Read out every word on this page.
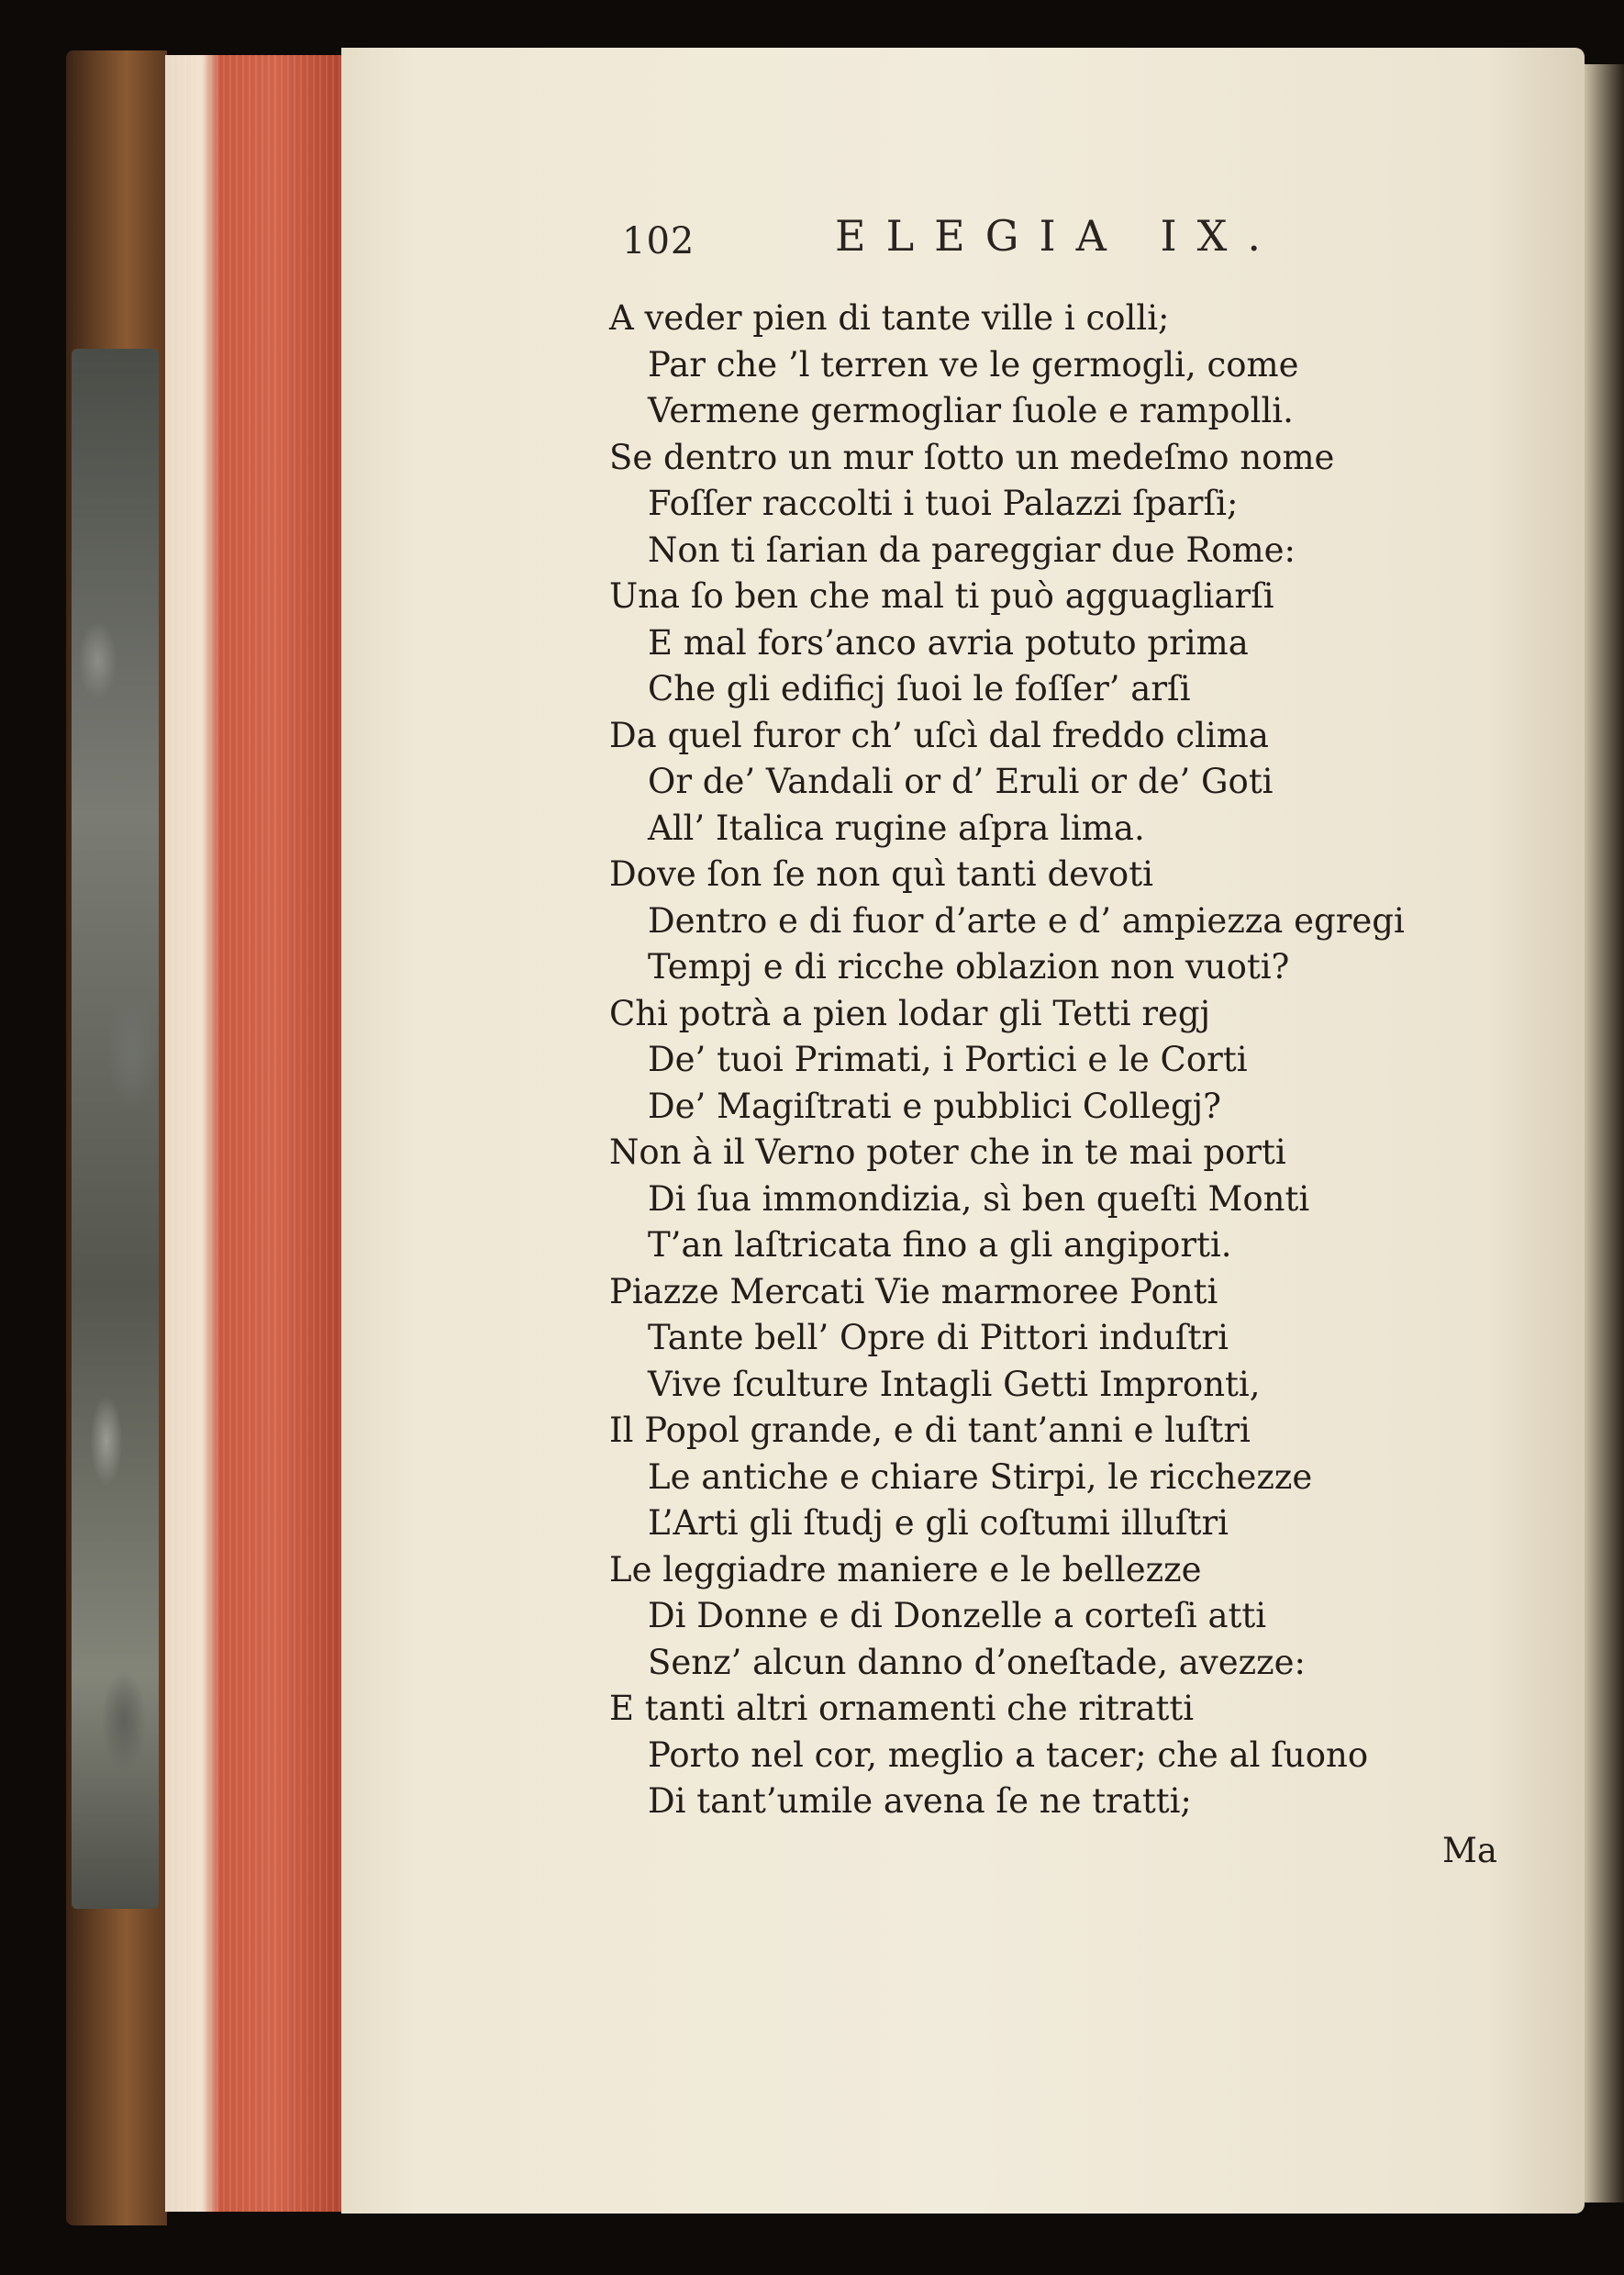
102	ELEGIA IX.
A veder pien di tante ville i colli;
Par che ’l terren ve le germogli, come
Vermene germogliar ſuole e rampolli.
Se dentro un mur ſotto un medeſmo nome
Foſſer raccolti i tuoi Palazzi ſparſi;
Non ti ſarian da pareggiar due Rome:
Una ſo ben che mal ti può agguagliarſi
E mal fors’anco avria potuto prima
Che gli edificj ſuoi le foſſer’ arſi
Da quel furor ch’ uſcì dal freddo clima
Or de’ Vandali or d’ Eruli or de’ Goti
All’ Italica rugine aſpra lima.
Dove ſon ſe non quì tanti devoti
Dentro e di fuor d’arte e d’ ampiezza egregi
Tempj e di ricche oblazion non vuoti?
Chi potrà a pien lodar gli Tetti regj
De’ tuoi Primati, i Portici e le Corti
De’ Magiſtrati e pubblici Collegj?
Non à il Verno poter che in te mai porti
Di ſua immondizia, sì ben queſti Monti
T’an laſtricata fino a gli angiporti.
Piazze Mercati Vie marmoree Ponti
Tante bell’ Opre di Pittori induſtri
Vive ſculture Intagli Getti Impronti,
Il Popol grande, e di tant’anni e luſtri
Le antiche e chiare Stirpi, le ricchezze
L’Arti gli ſtudj e gli coſtumi illuſtri
Le leggiadre maniere e le bellezze
Di Donne e di Donzelle a corteſi atti
Senz’ alcun danno d’oneſtade, avezze:
E tanti altri ornamenti che ritratti
Porto nel cor, meglio a tacer; che al ſuono
Di tant’umile avena ſe ne tratti;
Ma
